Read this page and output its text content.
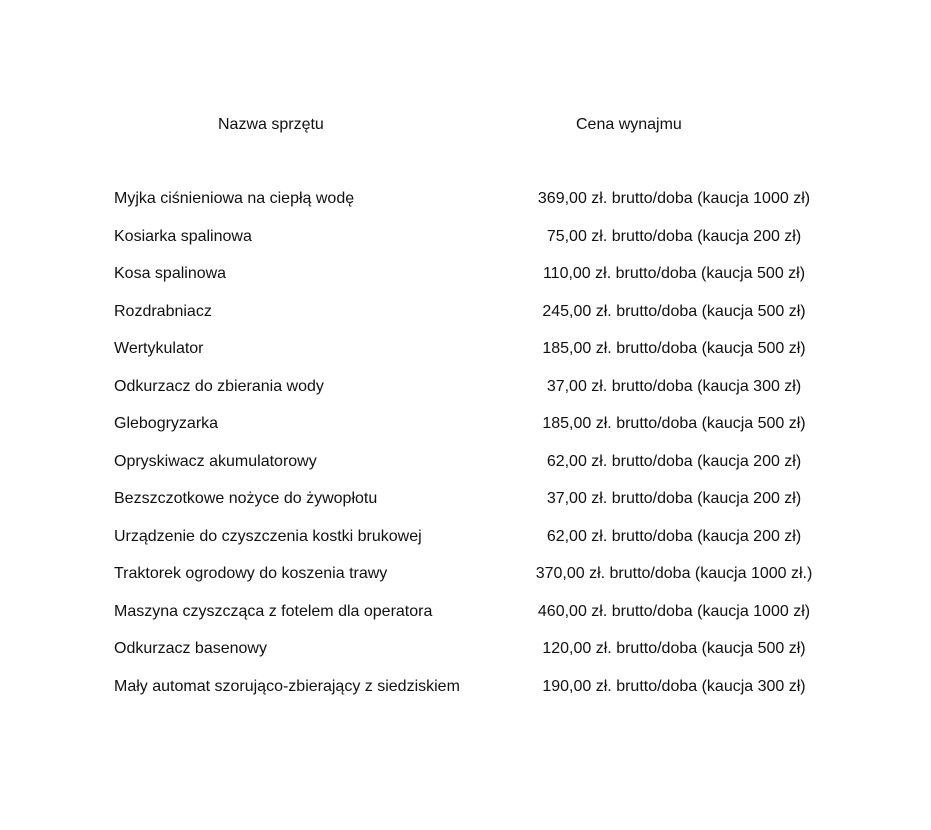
Nazwa sprzętu	Cena wynajmu
Myjka ciśnieniowa na ciepłą wodę	369,00 zł. brutto/doba (kaucja 1000 zł)
Kosiarka spalinowa	75,00 zł. brutto/doba (kaucja 200 zł)
Kosa spalinowa	110,00 zł. brutto/doba (kaucja 500 zł)
Rozdrabniacz	245,00 zł. brutto/doba (kaucja 500 zł)
Wertykulator	185,00 zł. brutto/doba (kaucja 500 zł)
Odkurzacz do zbierania wody	37,00 zł. brutto/doba (kaucja 300 zł)
Glebogryzarka	185,00 zł. brutto/doba (kaucja 500 zł)
Opryskiwacz akumulatorowy	62,00 zł. brutto/doba (kaucja 200 zł)
Bezszczotkowe nożyce do żywopłotu	37,00 zł. brutto/doba (kaucja 200 zł)
Urządzenie do czyszczenia kostki brukowej	62,00 zł. brutto/doba (kaucja 200 zł)
Traktorek ogrodowy do koszenia trawy	370,00 zł. brutto/doba (kaucja 1000 zł.)
Maszyna czyszcząca z fotelem dla operatora	460,00 zł. brutto/doba (kaucja 1000 zł)
Odkurzacz basenowy	120,00 zł. brutto/doba (kaucja 500 zł)
Mały automat szorująco-zbierający z siedziskiem	190,00 zł. brutto/doba (kaucja 300 zł)
